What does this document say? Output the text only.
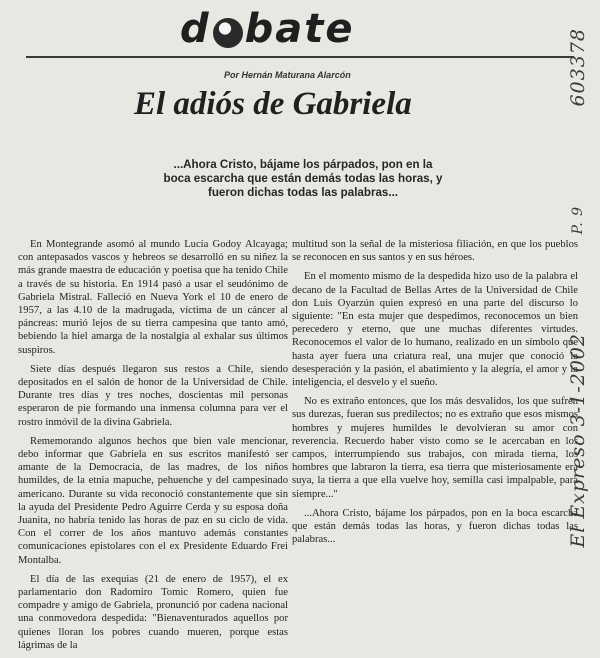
d bate
Por Hernán Maturana Alarcón
El adiós de Gabriela

...Ahora Cristo, bájame los párpados, pon en la boca escarcha que están demás todas las horas, y fueron dichas todas las palabras...

En Montegrande asomó al mundo Lucía Godoy Alcayaga; con antepasados vascos y hebreos se desarrolló en su niñez la más grande maestra de educación y poetisa que ha tenido Chile a través de su historia. En 1914 pasó a usar el seudónimo de Gabriela Mistral. Falleció en Nueva York el 10 de enero de 1957, a las 4.10 de la madrugada, víctima de un cáncer al páncreas: murió lejos de su tierra campesina que tanto amó, bebiendo la hiel amarga de la nostalgia al exhalar sus últimos suspiros.

Siete días después llegaron sus restos a Chile, siendo depositados en el salón de honor de la Universidad de Chile. Durante tres días y tres noches, doscientas mil personas esperaron de pie formando una inmensa columna para ver el rostro inmóvil de la divina Gabriela.

Rememorando algunos hechos que bien vale mencionar, debo informar que Gabriela en sus escritos manifestó ser amante de la Democracia, de las madres, de los niños humildes, de la etnia mapuche, pehuenche y del campesinado americano. Durante su vida reconoció constantemente que sin la ayuda del Presidente Pedro Aguirre Cerda y su esposa doña Juanita, no habría tenido las horas de paz en su ciclo de vida. Con el correr de los años mantuvo además constantes comunicaciones epistolares con el ex Presidente Eduardo Frei Montalba.

El día de las exequias (21 de enero de 1957), el ex parlamentario don Radomiro Tomic Romero, quien fue compadre y amigo de Gabriela, pronunció por cadena nacional una conmovedora despedida: "Bienaventurados aquellos por quienes lloran los pobres cuando mueren, porque estas lágrimas de la

multitud son la señal de la misteriosa filiación, en que los pueblos se reconocen en sus santos y en sus héroes.

En el momento mismo de la despedida hizo uso de la palabra el decano de la Facultad de Bellas Artes de la Universidad de Chile don Luis Oyarzún quien expresó en una parte del discurso lo siguiente: "En esta mujer que despedimos, reconocemos un bien perecedero y eterno, que une muchas diferentes virtudes. Reconocemos el valor de lo humano, realizado en un símbolo que hasta ayer fuera una criatura real, una mujer que conoció la desesperación y la pasión, el abatimiento y la alegría, el amor y la inteligencia, el desvelo y el sueño.

No es extraño entonces, que los más desvalidos, los que sufren sus durezas, fueran sus predilectos; no es extraño que esos mismos hombres y mujeres humildes le devolvieran su amor con reverencia. Recuerdo haber visto como se le acercaban en los campos, interrumpiendo sus trabajos, con mirada tierna, los hombres que labraron la tierra, esa tierra que misteriosamente era suya, la tierra a que ella vuelve hoy, semilla casi impalpable, para siempre..."

...Ahora Cristo, bájame los párpados, pon en la boca escarcha que están demás todas las horas, y fueron dichas todas las palabras...

603378
P. 9
El Expreso 3-1-2002
